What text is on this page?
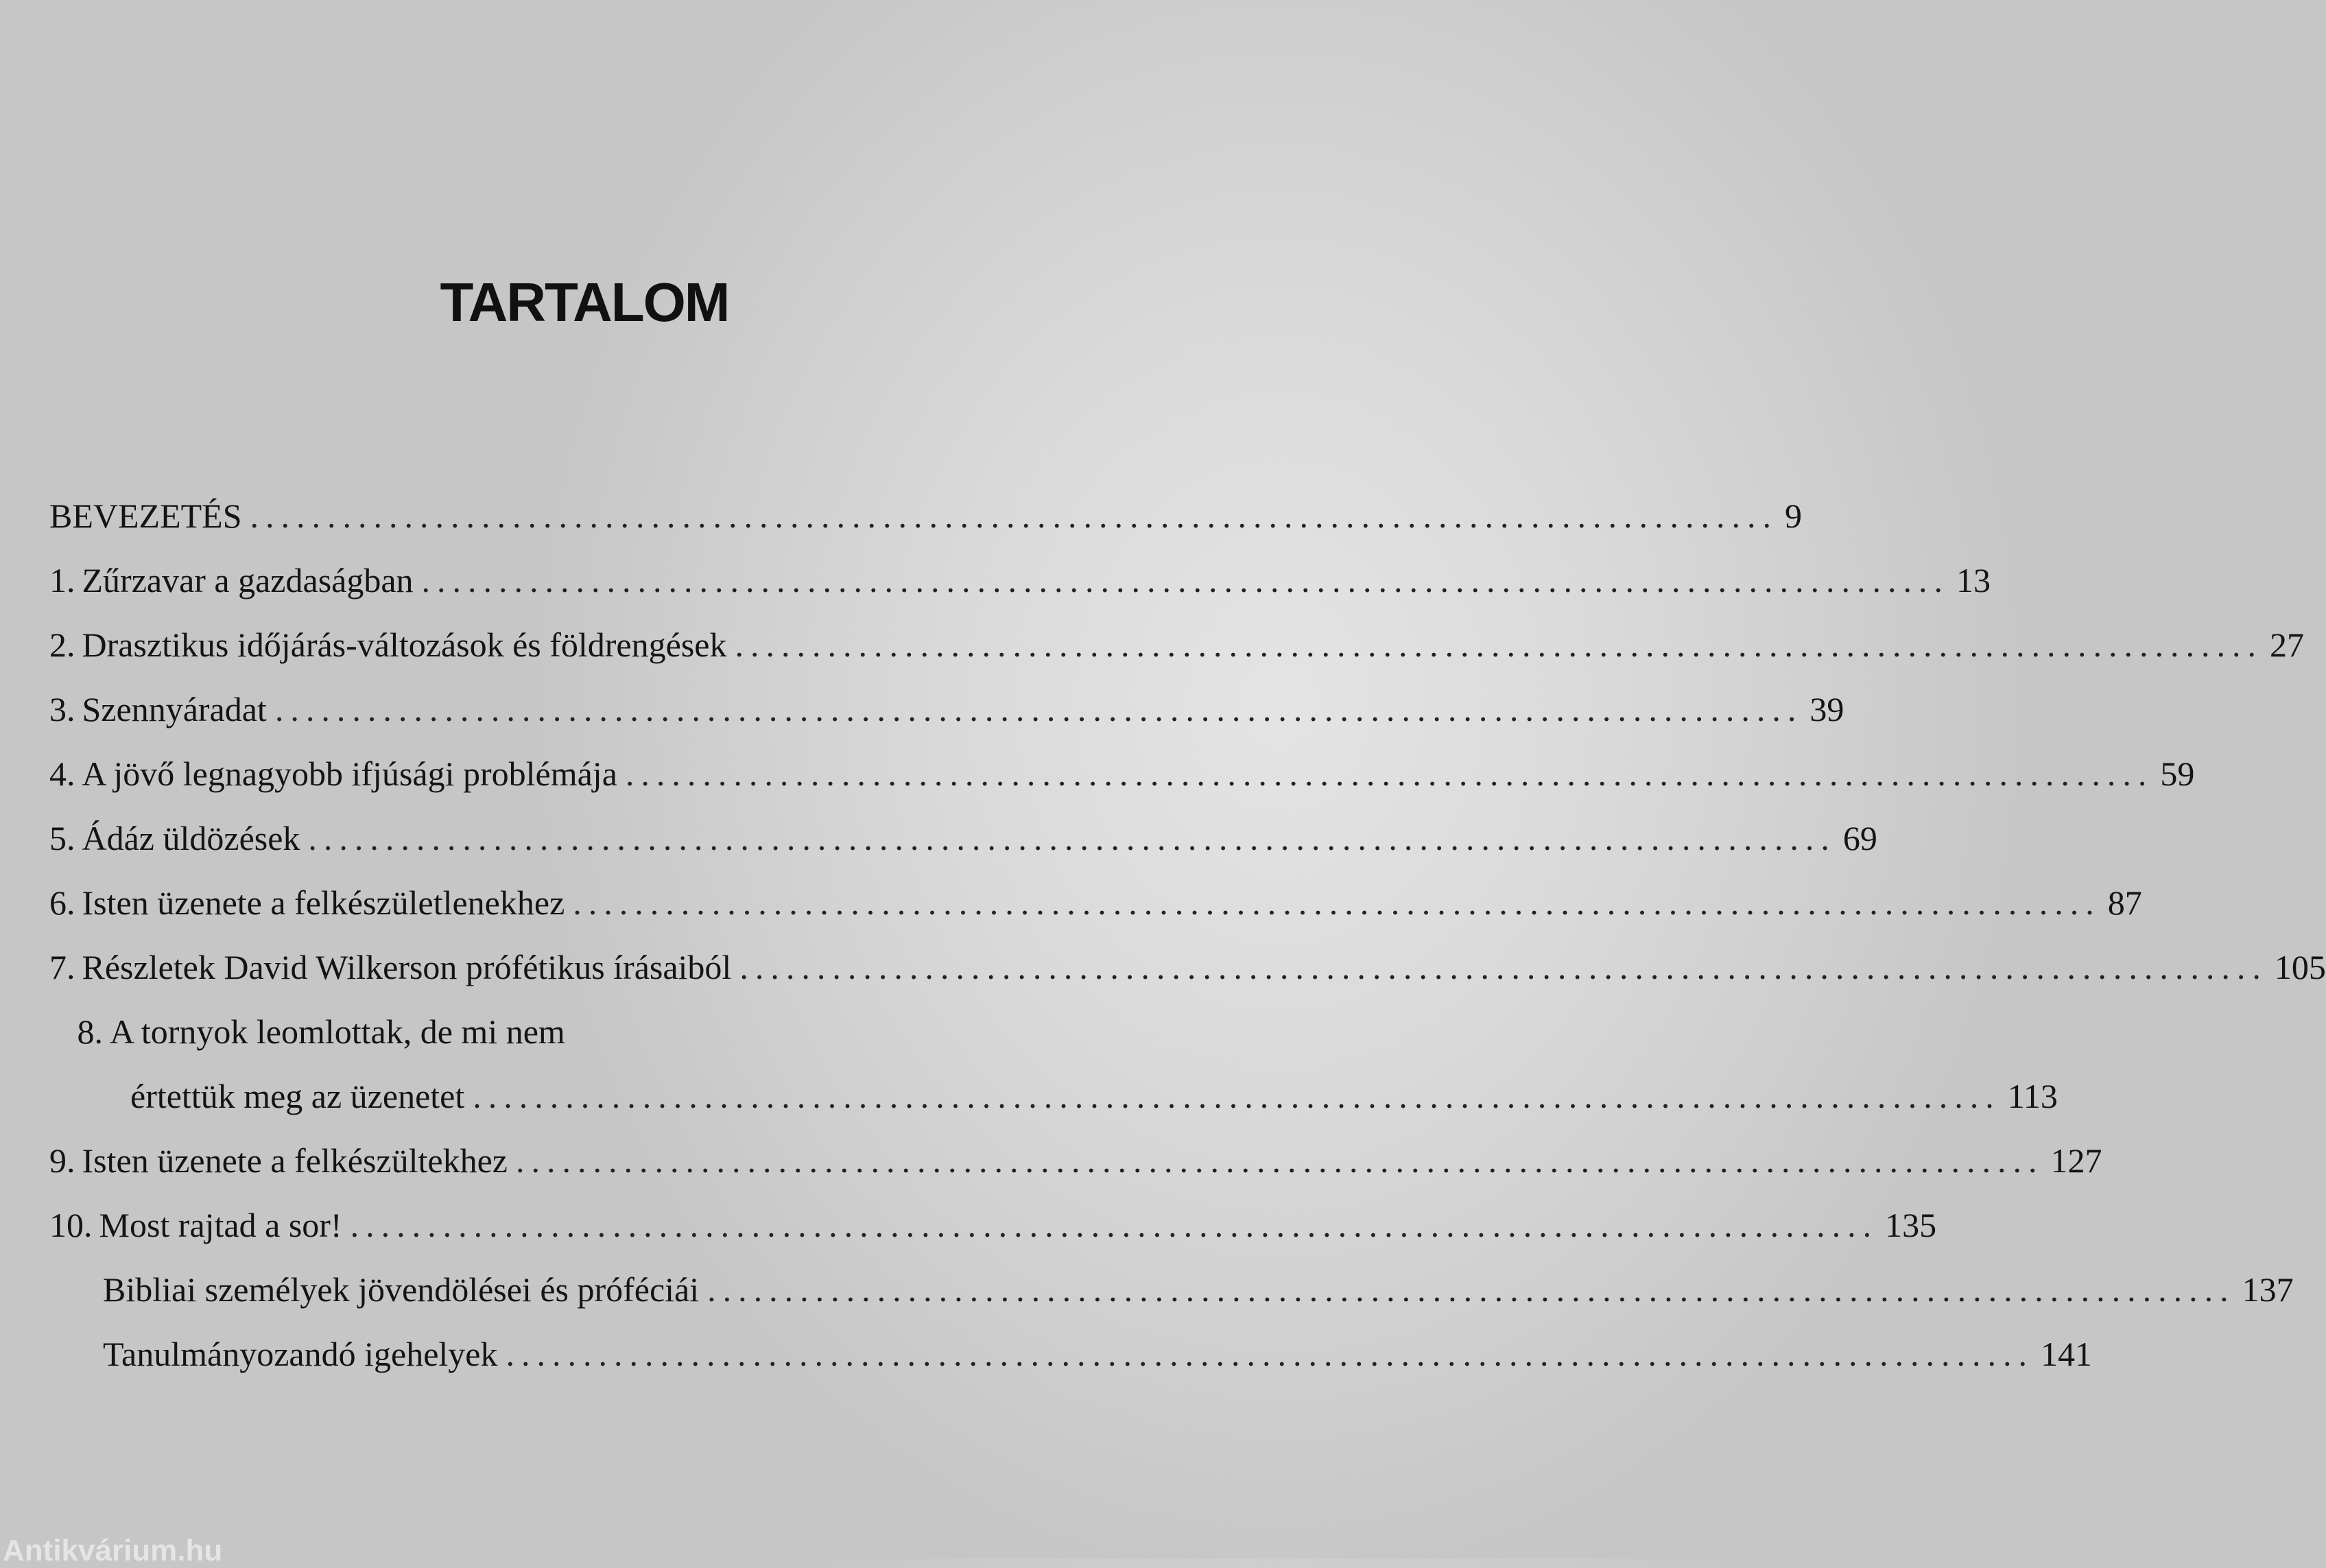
TARTALOM
BEVEZETÉS ................................................................................................... 9
1. Zűrzavar a gazdaságban ................................................................................................... 13
2. Drasztikus időjárás-változások és földrengések ................................................................................................... 27
3. Szennyáradat ................................................................................................... 39
4. A jövő legnagyobb ifjúsági problémája ................................................................................................... 59
5. Ádáz üldözések ................................................................................................... 69
6. Isten üzenete a felkészületlenekhez ................................................................................................... 87
7. Részletek David Wilkerson prófétikus írásaiból ................................................................................................... 105
8. A tornyok leomlottak, de mi nem
értettük meg az üzenetet ................................................................................................... 113
9. Isten üzenete a felkészültekhez ................................................................................................... 127
10. Most rajtad a sor! ................................................................................................... 135
Bibliai személyek jövendölései és próféciái ................................................................................................... 137
Tanulmányozandó igehelyek ................................................................................................... 141
Antikvárium.hu
